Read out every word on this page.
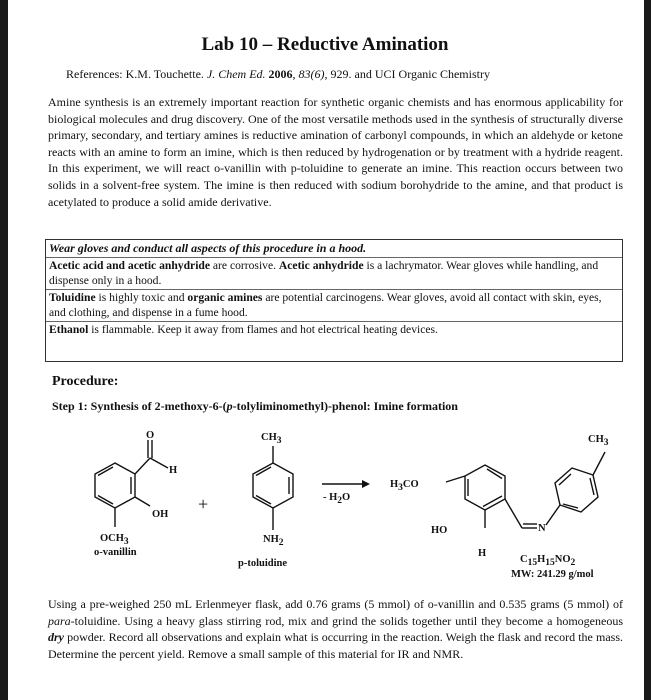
Lab 10 – Reductive Amination
References: K.M. Touchette. J. Chem Ed. 2006, 83(6), 929. and UCI Organic Chemistry
Amine synthesis is an extremely important reaction for synthetic organic chemists and has enormous applicability for biological molecules and drug discovery. One of the most versatile methods used in the synthesis of structurally diverse primary, secondary, and tertiary amines is reductive amination of carbonyl compounds, in which an aldehyde or ketone reacts with an amine to form an imine, which is then reduced by hydrogenation or by treatment with a hydride reagent. In this experiment, we will react o-vanillin with p-toluidine to generate an imine. This reaction occurs between two solids in a solvent-free system. The imine is then reduced with sodium borohydride to the amine, and that product is acetylated to produce a solid amide derivative.
Wear gloves and conduct all aspects of this procedure in a hood.
Acetic acid and acetic anhydride are corrosive. Acetic anhydride is a lachrymator. Wear gloves while handling, and dispense only in a hood.
Toluidine is highly toxic and organic amines are potential carcinogens. Wear gloves, avoid all contact with skin, eyes, and clothing, and dispense in a fume hood.
Ethanol is flammable. Keep it away from flames and hot electrical heating devices.
Procedure:
Step 1: Synthesis of 2-methoxy-6-(p-tolyliminomethyl)-phenol: Imine formation
O
H
OH
OCH3
o-vanillin
+
CH3
NH2
p-toluidine
- H2O
H3CO
HO	N
H
CH3
C15H15NO2
MW: 241.29 g/mol
Using a pre-weighed 250 mL Erlenmeyer flask, add 0.76 grams (5 mmol) of o-vanillin and 0.535 grams (5 mmol) of para-toluidine. Using a heavy glass stirring rod, mix and grind the solids together until they become a homogeneous dry powder. Record all observations and explain what is occurring in the reaction. Weigh the flask and record the mass. Determine the percent yield. Remove a small sample of this material for IR and NMR.
